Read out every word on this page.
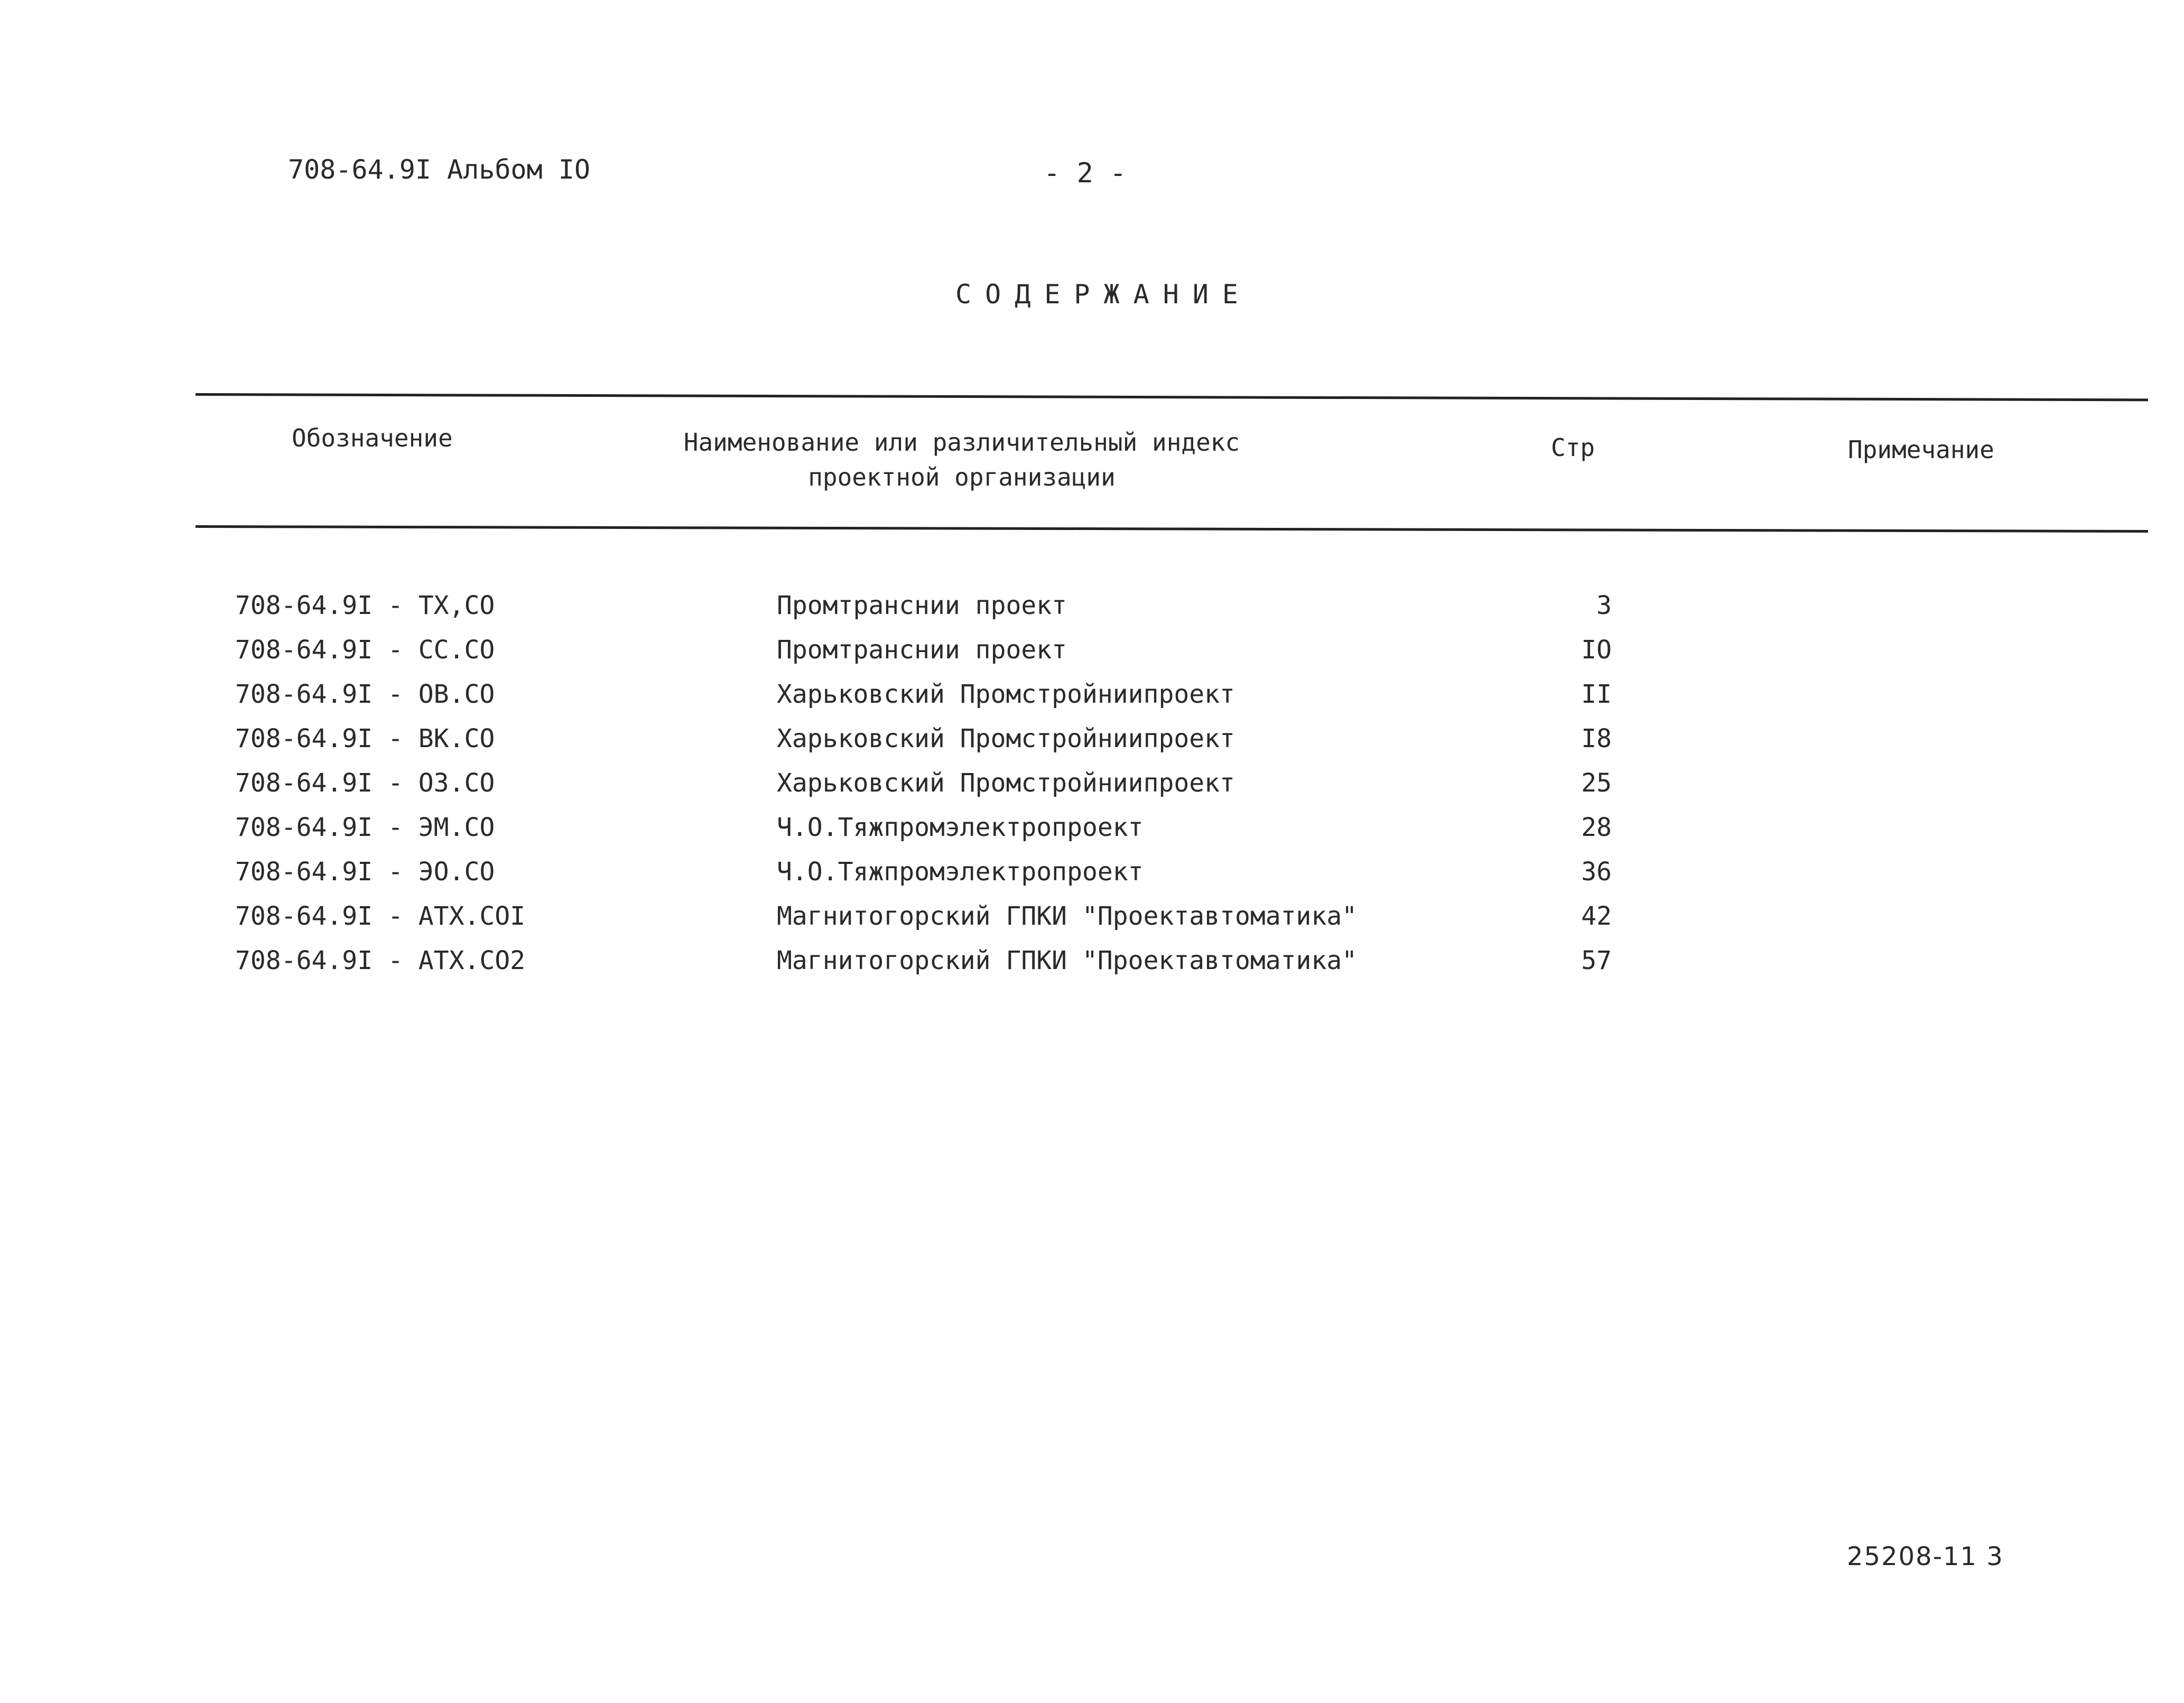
708-64.9I Альбом IO	- 2 -
СОДЕРЖАНИЕ
Обозначение	Наименование или различительный индекс
проектной организации
Стр	Примечание
708-64.9I - ТХ,СО	Промтранснии проект	3
708-64.9I - СС.СО	Промтранснии проект	IO
708-64.9I - ОВ.СО	Харьковский Промстройниипроект	II
708-64.9I - ВК.СО	Харьковский Промстройниипроект	I8
708-64.9I - ОЗ.СО	Харьковский Промстройниипроект	25
708-64.9I - ЭМ.СО	Ч.О.Тяжпромэлектропроект	28
708-64.9I - ЭО.СО	Ч.О.Тяжпромэлектропроект	36
708-64.9I - АТХ.СОI	Магнитогорский ГПКИ "Проектавтоматика"	42
708-64.9I - АТХ.СО2	Магнитогорский ГПКИ "Проектавтоматика"	57
25208-11 3
